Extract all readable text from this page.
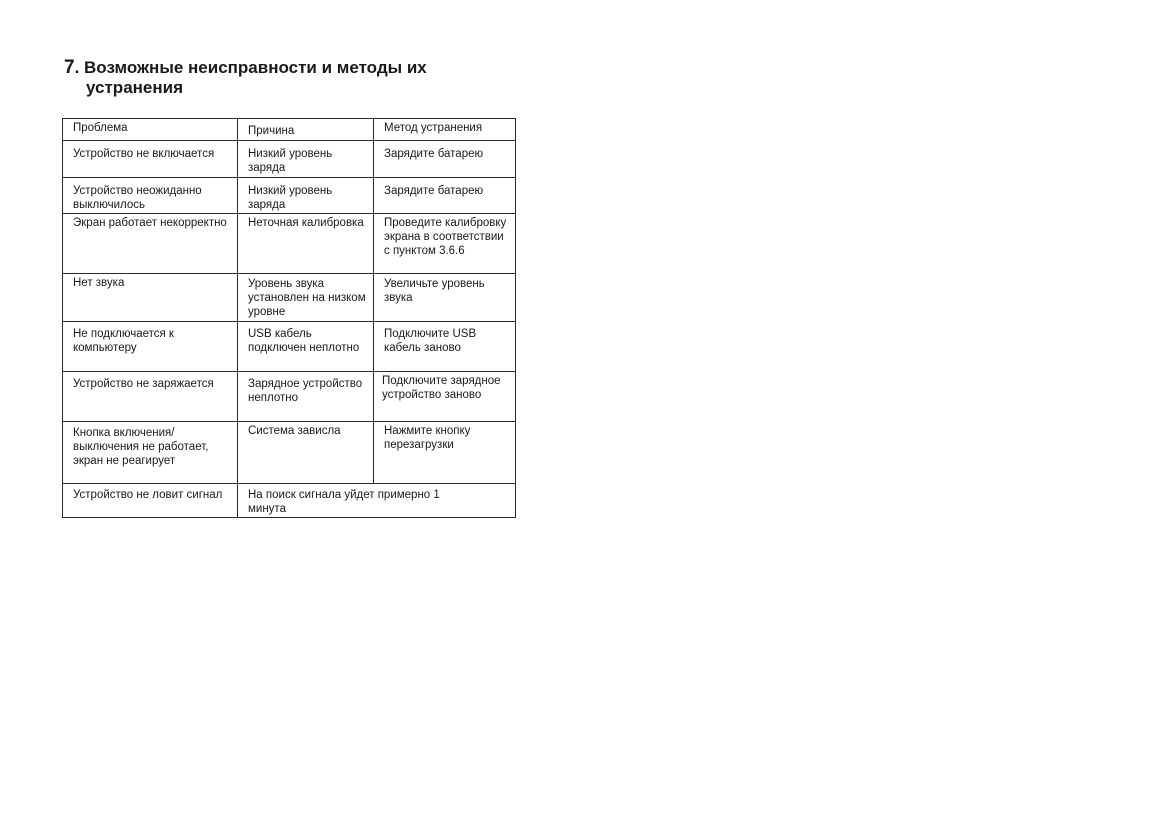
7. Возможные неисправности и методы их
устранения
Проблема	Причина	Метод устранения
Устройство не включается	Низкий уровень заряда	Зарядите батарею
Устройство неожиданно выключилось	Низкий уровень заряда	Зарядите батарею
Экран работает некорректно	Неточная калибровка	Проведите калибровку экрана в соответствии с пунктом 3.6.6
Нет звука	Уровень звука установлен на низком уровне	Увеличьте уровень звука
Не подключается к компьютеру	USB кабель подключен неплотно	Подключите USB кабель заново
Устройство не заряжается	Зарядное устройство неплотно	Подключите зарядное устройство заново
Кнопка включения/выключения не работает, экран не реагирует	Система зависла	Нажмите кнопку перезагрузки
Устройство не ловит сигнал	На поиск сигнала уйдет примерно 1 минута	
